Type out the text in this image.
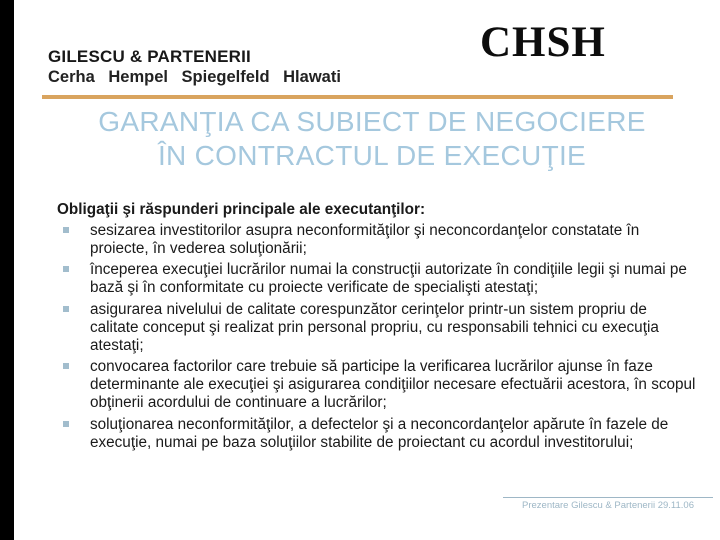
GILESCU & PARTENERII
Cerha Hempel Spiegelfeld Hlawati
CHSH
GARANŢIA CA SUBIECT DE NEGOCIERE
ÎN CONTRACTUL DE EXECUŢIE

Obligaţii şi răspunderi principale ale executanţilor:

sesizarea investitorilor asupra neconformităţilor şi neconcordanţelor constatate în proiecte, în vederea soluţionării;
începerea execuţiei lucrărilor numai la construcţii autorizate în condiţiile legii şi numai pe bază şi în conformitate cu proiecte verificate de specialişti atestaţi;
asigurarea nivelului de calitate corespunzător cerinţelor printr-un sistem propriu de calitate conceput şi realizat prin personal propriu, cu responsabili tehnici cu execuţia atestaţi;
convocarea factorilor care trebuie să participe la verificarea lucrărilor ajunse în faze determinante ale execuţiei şi asigurarea condiţiilor necesare efectuării acestora, în scopul obţinerii acordului de continuare a lucrărilor;
soluţionarea neconformităţilor, a defectelor şi a neconcordanţelor apărute în fazele de execuţie, numai pe baza soluţiilor stabilite de proiectant cu acordul investitorului;
Prezentare Gilescu & Partenerii 29.11.06
